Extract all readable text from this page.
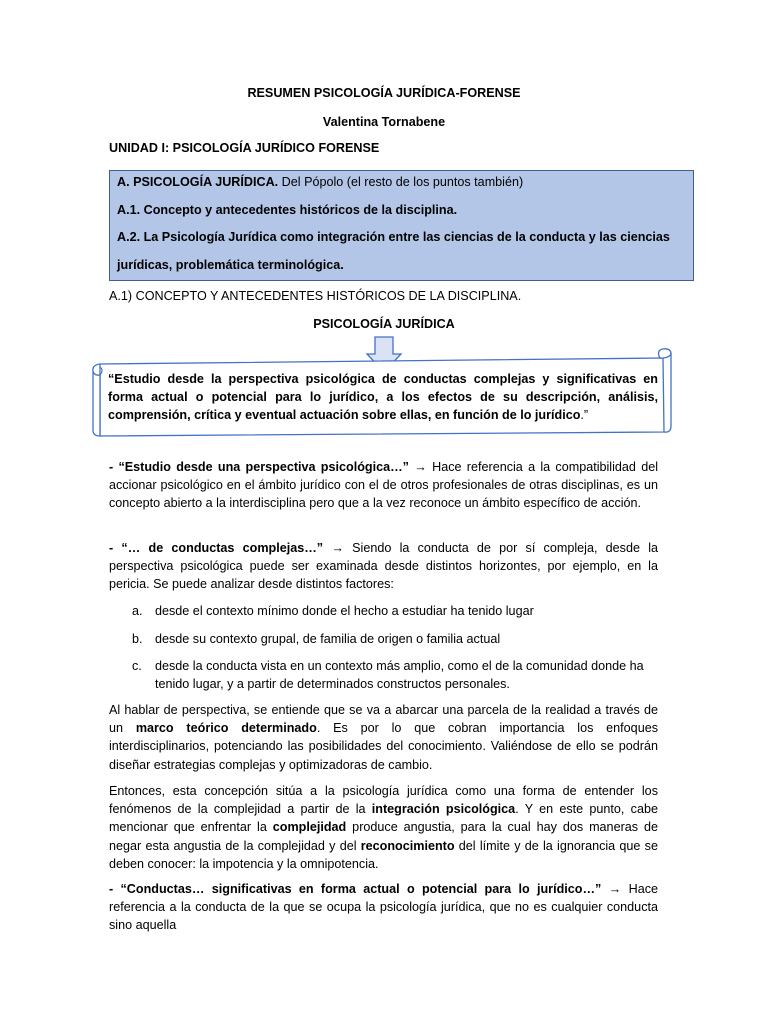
RESUMEN PSICOLOGÍA JURÍDICA-FORENSE
Valentina Tornabene
UNIDAD I: PSICOLOGÍA JURÍDICO FORENSE
A. PSICOLOGÍA JURÍDICA. Del Pópolo (el resto de los puntos también)
A.1. Concepto y antecedentes históricos de la disciplina.
A.2. La Psicología Jurídica como integración entre las ciencias de la conducta y las ciencias
jurídicas, problemática terminológica.
A.1) CONCEPTO Y ANTECEDENTES HISTÓRICOS DE LA DISCIPLINA.
PSICOLOGÍA JURÍDICA
“Estudio desde la perspectiva psicológica de conductas complejas y significativas en forma actual o potencial para lo jurídico, a los efectos de su descripción, análisis, comprensión, crítica y eventual actuación sobre ellas, en función de lo jurídico.”
- “Estudio desde una perspectiva psicológica…” → Hace referencia a la compatibilidad del accionar psicológico en el ámbito jurídico con el de otros profesionales de otras disciplinas, es un concepto abierto a la interdisciplina pero que a la vez reconoce un ámbito específico de acción.
- “… de conductas complejas…” → Siendo la conducta de por sí compleja, desde la perspectiva psicológica puede ser examinada desde distintos horizontes, por ejemplo, en la pericia. Se puede analizar desde distintos factores:
a. desde el contexto mínimo donde el hecho a estudiar ha tenido lugar
b. desde su contexto grupal, de familia de origen o familia actual
c. desde la conducta vista en un contexto más amplio, como el de la comunidad donde ha tenido lugar, y a partir de determinados constructos personales.
Al hablar de perspectiva, se entiende que se va a abarcar una parcela de la realidad a través de un marco teórico determinado. Es por lo que cobran importancia los enfoques interdisciplinarios, potenciando las posibilidades del conocimiento. Valiéndose de ello se podrán diseñar estrategias complejas y optimizadoras de cambio.
Entonces, esta concepción sitúa a la psicología jurídica como una forma de entender los fenómenos de la complejidad a partir de la integración psicológica. Y en este punto, cabe mencionar que enfrentar la complejidad produce angustia, para la cual hay dos maneras de negar esta angustia de la complejidad y del reconocimiento del límite y de la ignorancia que se deben conocer: la impotencia y la omnipotencia.
- “Conductas… significativas en forma actual o potencial para lo jurídico…” → Hace referencia a la conducta de la que se ocupa la psicología jurídica, que no es cualquier conducta sino aquella
